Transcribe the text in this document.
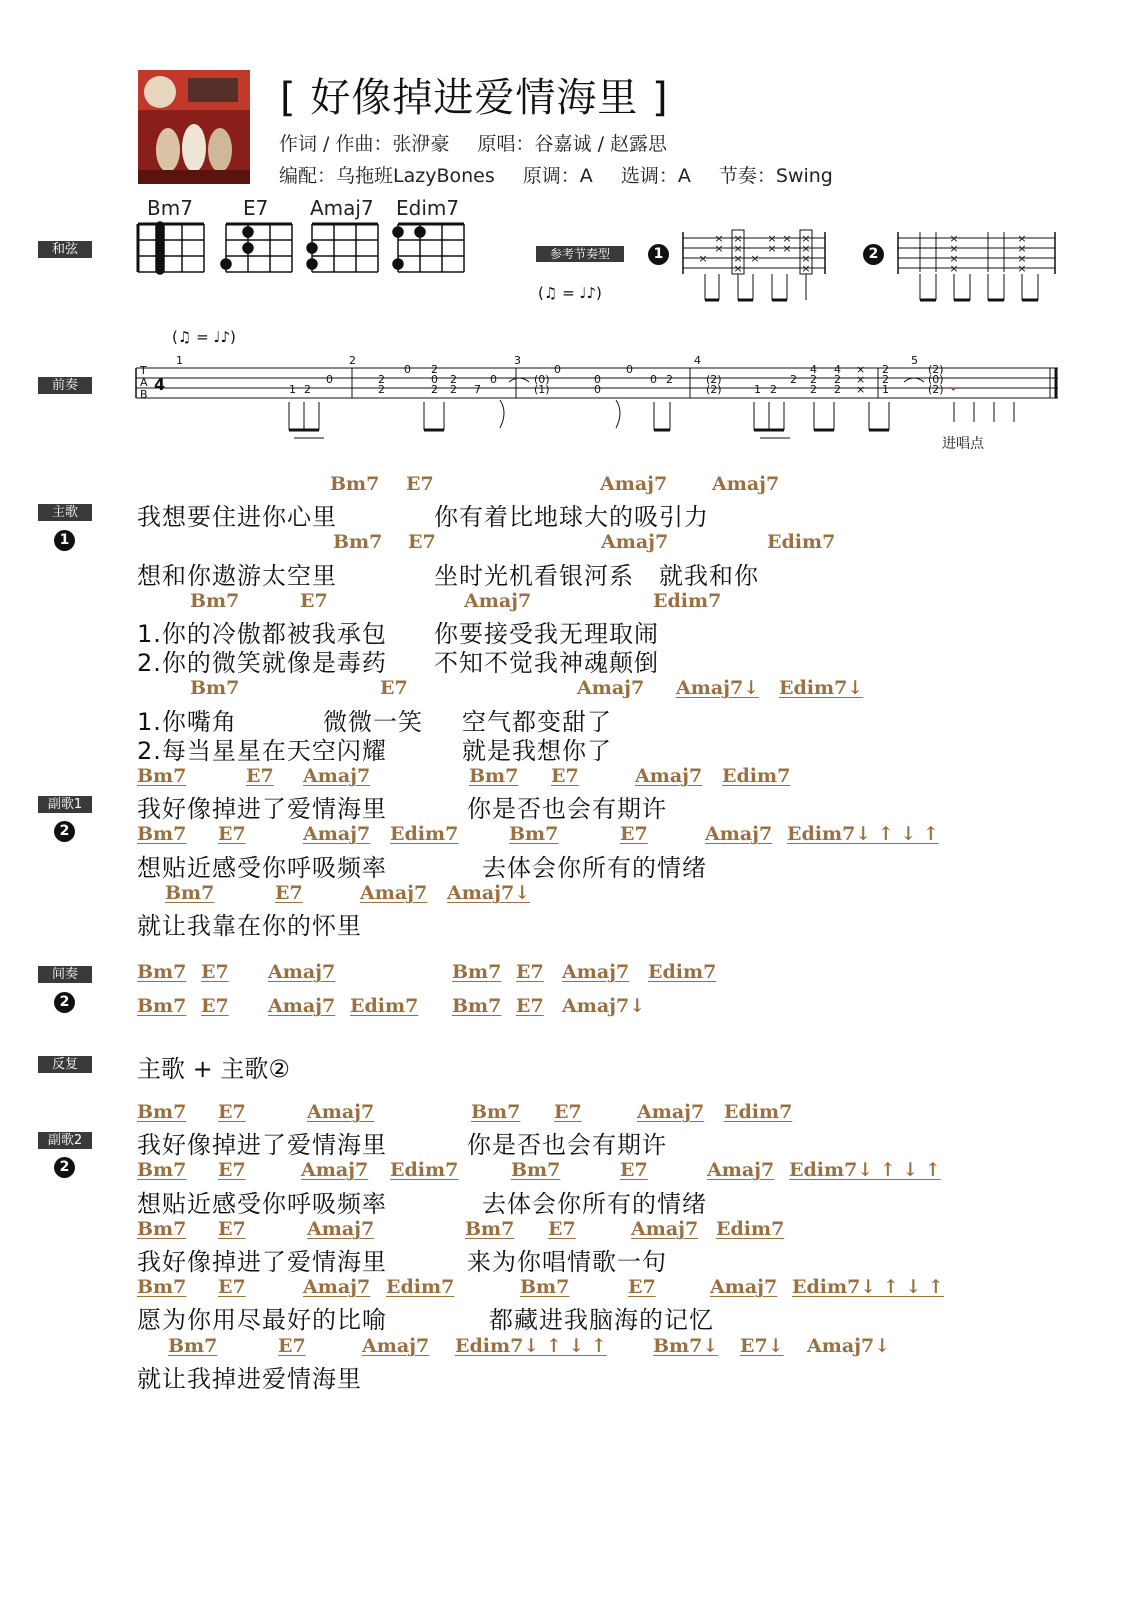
[ 好像掉进爱情海里 ]
作词 / 作曲：张洢豪 原唱：谷嘉诚 / 赵露思
编配：乌拖班LazyBones 原调：A 选调：A 节奏：Swing
和弦
Bm7	E7 Amaj7 Edim7
参考节奏型
(♫ = ♩♪)
1	2
×
×
×
×
×
×
×
×
×
×
×
×
×
×
×
×
×
×
×
×
×
×
×
×
前奏
(♫ = ♩♪)
T
A
B
4
1	2	3	4	5
1 2
0	2
2
0 2
0
2
2
2 7
0	(0)
(1)
0
0
0
0
0 2	(2)
(2)	1 2
2
4
2
2
4
2
2
×
×
×
2
2
1
(2)
(0)
(2) •
进唱点
主歌
1
Bm7 E7	Amaj7 Amaj7
我想要住进你心里	你有着比地球大的吸引力
Bm7 E7	Amaj7	Edim7
想和你遨游太空里	坐时光机看银河系　就我和你
Bm7	E7	Amaj7	Edim7
1.你的冷傲都被我承包 你要接受我无理取闹
2.你的微笑就像是毒药 不知不觉我神魂颠倒
Bm7	E7	Amaj7 Amaj7↓ Edim7↓
1.你嘴角	微微一笑 空气都变甜了
2.每当星星在天空闪耀	就是我想你了
副歌1
2
Bm7	E7 Amaj7	Bm7 E7	Amaj7 Edim7
我好像掉进了爱情海里	你是否也会有期许
Bm7 E7	Amaj7 Edim7	Bm7	E7	Amaj7 Edim7↓ ↑ ↓ ↑
想贴近感受你呼吸频率	去体会你所有的情绪
Bm7	E7	Amaj7 Amaj7↓
就让我靠在你的怀里
间奏
2
Bm7 E7 Amaj7	Bm7 E7 Amaj7 Edim7
Bm7 E7 Amaj7 Edim7 Bm7 E7 Amaj7↓
反复	主歌 + 主歌②
副歌2
2
Bm7 E7	Amaj7	Bm7 E7	Amaj7 Edim7
我好像掉进了爱情海里	你是否也会有期许
Bm7 E7	Amaj7 Edim7	Bm7	E7	Amaj7 Edim7↓ ↑ ↓ ↑
想贴近感受你呼吸频率	去体会你所有的情绪
Bm7 E7	Amaj7	Bm7 E7	Amaj7 Edim7
我好像掉进了爱情海里	来为你唱情歌一句
Bm7 E7	Amaj7 Edim7	Bm7	E7	Amaj7 Edim7↓ ↑ ↓ ↑
愿为你用尽最好的比喻	都藏进我脑海的记忆
Bm7	E7	Amaj7 Edim7↓ ↑ ↓ ↑ Bm7↓ E7↓ Amaj7↓
就让我掉进爱情海里
